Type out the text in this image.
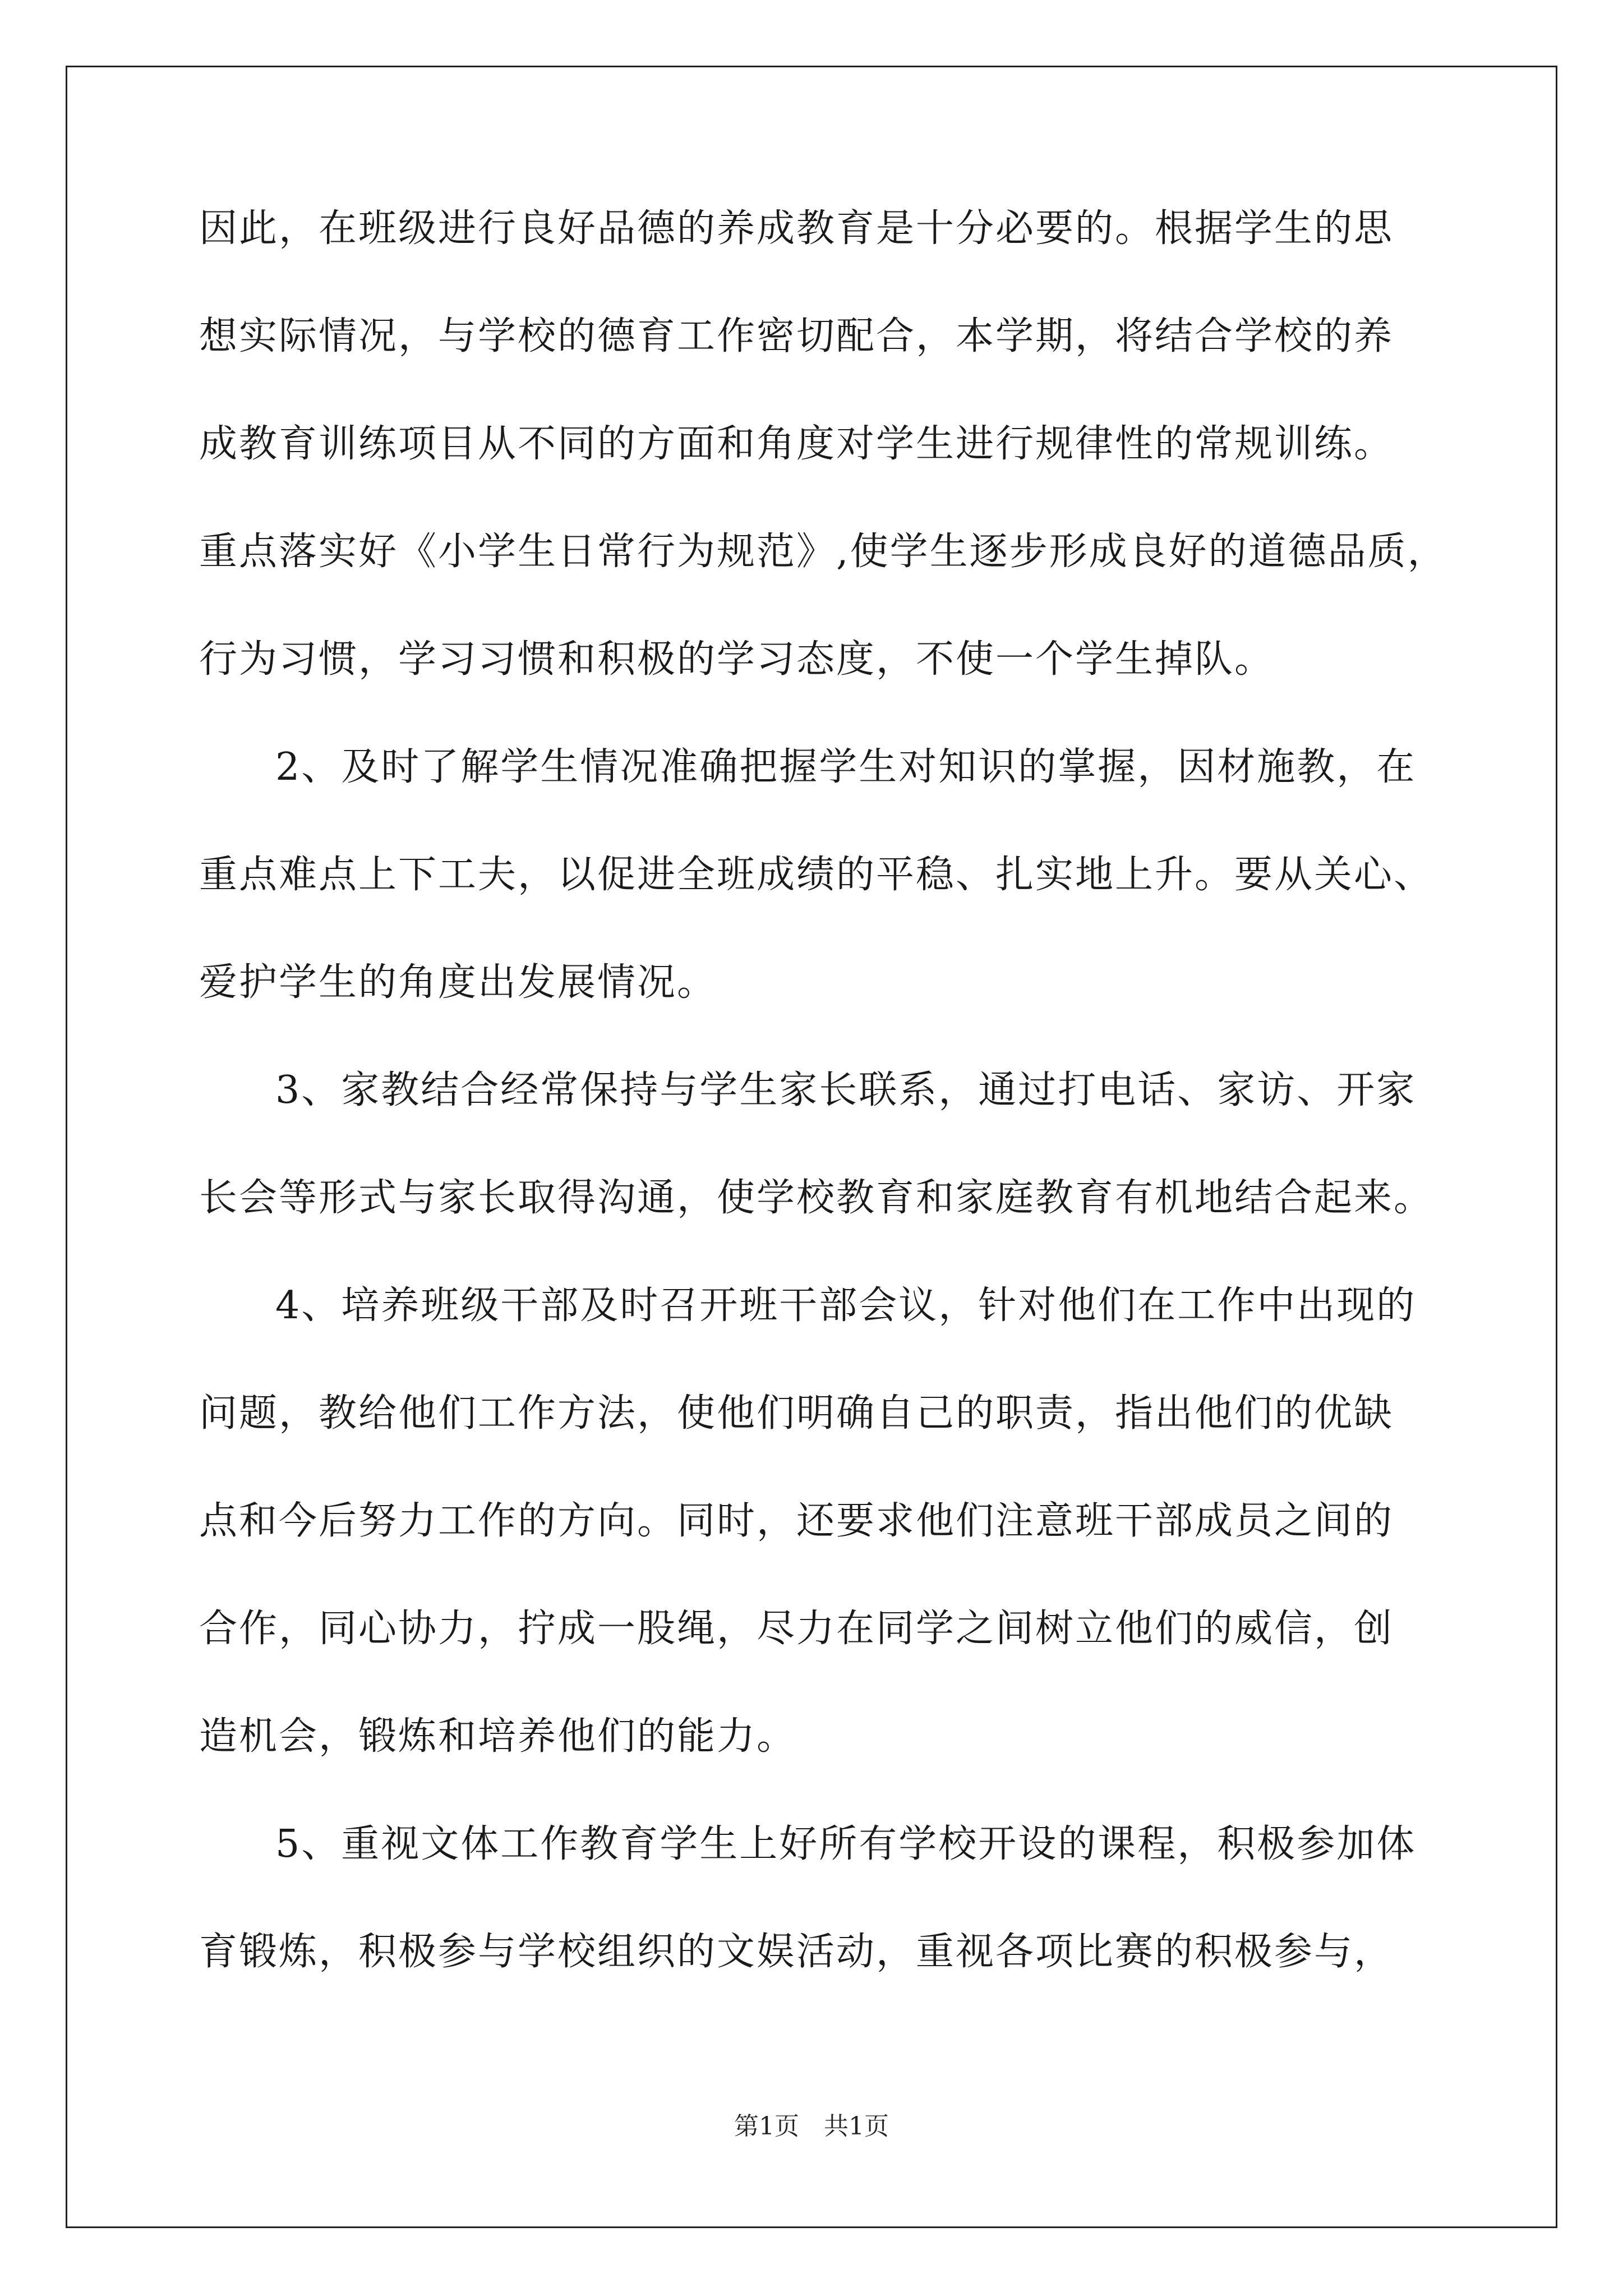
因此，在班级进行良好品德的养成教育是十分必要的。根据学生的思
想实际情况，与学校的德育工作密切配合，本学期，将结合学校的养
成教育训练项目从不同的方面和角度对学生进行规律性的常规训练。
重点落实好《小学生日常行为规范》,使学生逐步形成良好的道德品质，
行为习惯，学习习惯和积极的学习态度，不使一个学生掉队。
2、及时了解学生情况准确把握学生对知识的掌握，因材施教，在
重点难点上下工夫，以促进全班成绩的平稳、扎实地上升。要从关心、
爱护学生的角度出发展情况。
3、家教结合经常保持与学生家长联系，通过打电话、家访、开家
长会等形式与家长取得沟通，使学校教育和家庭教育有机地结合起来。
4、培养班级干部及时召开班干部会议，针对他们在工作中出现的
问题，教给他们工作方法，使他们明确自己的职责，指出他们的优缺
点和今后努力工作的方向。同时，还要求他们注意班干部成员之间的
合作，同心协力，拧成一股绳，尽力在同学之间树立他们的威信，创
造机会，锻炼和培养他们的能力。
5、重视文体工作教育学生上好所有学校开设的课程，积极参加体
育锻炼，积极参与学校组织的文娱活动，重视各项比赛的积极参与，
第1页 共1页
